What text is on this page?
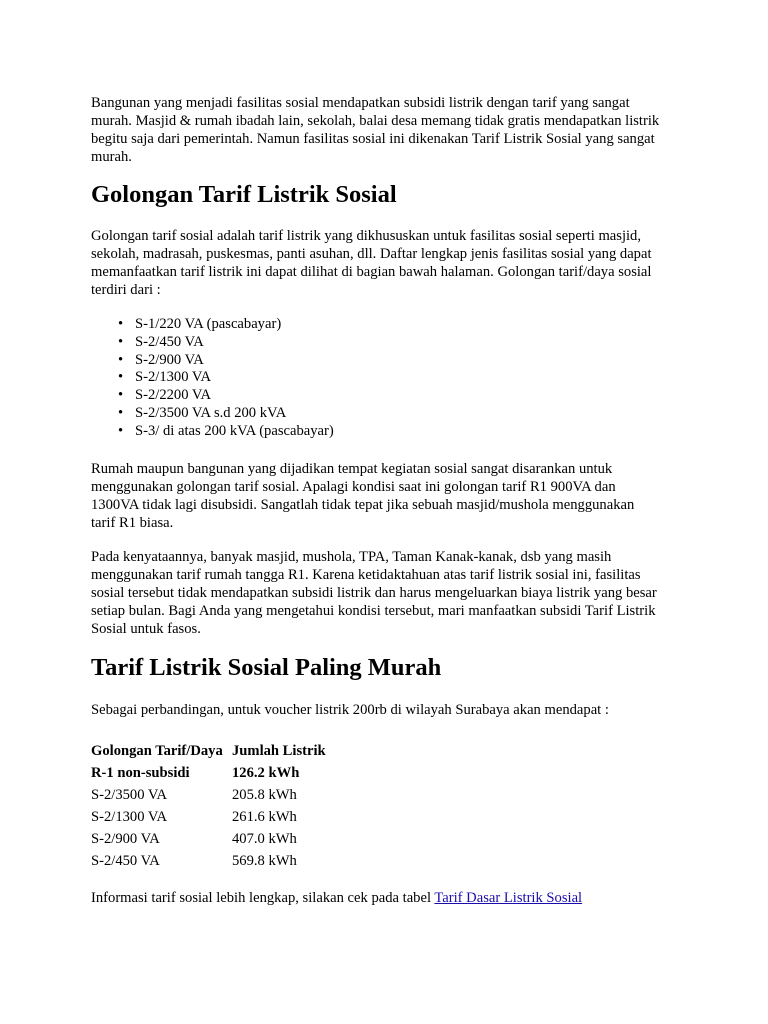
Bangunan yang menjadi fasilitas sosial mendapatkan subsidi listrik dengan tarif yang sangat
murah. Masjid & rumah ibadah lain, sekolah, balai desa memang tidak gratis mendapatkan listrik
begitu saja dari pemerintah. Namun fasilitas sosial ini dikenakan Tarif Listrik Sosial yang sangat
murah.

Golongan Tarif Listrik Sosial

Golongan tarif sosial adalah tarif listrik yang dikhususkan untuk fasilitas sosial seperti masjid,
sekolah, madrasah, puskesmas, panti asuhan, dll. Daftar lengkap jenis fasilitas sosial yang dapat
memanfaatkan tarif listrik ini dapat dilihat di bagian bawah halaman. Golongan tarif/daya sosial
terdiri dari :

• S-1/220 VA (pascabayar)
• S-2/450 VA
• S-2/900 VA
• S-2/1300 VA
• S-2/2200 VA
• S-2/3500 VA s.d 200 kVA
• S-3/ di atas 200 kVA (pascabayar)

Rumah maupun bangunan yang dijadikan tempat kegiatan sosial sangat disarankan untuk
menggunakan golongan tarif sosial. Apalagi kondisi saat ini golongan tarif R1 900VA dan
1300VA tidak lagi disubsidi. Sangatlah tidak tepat jika sebuah masjid/mushola menggunakan
tarif R1 biasa.

Pada kenyataannya, banyak masjid, mushola, TPA, Taman Kanak-kanak, dsb yang masih
menggunakan tarif rumah tangga R1. Karena ketidaktahuan atas tarif listrik sosial ini, fasilitas
sosial tersebut tidak mendapatkan subsidi listrik dan harus mengeluarkan biaya listrik yang besar
setiap bulan. Bagi Anda yang mengetahui kondisi tersebut, mari manfaatkan subsidi Tarif Listrik
Sosial untuk fasos.

Tarif Listrik Sosial Paling Murah

Sebagai perbandingan, untuk voucher listrik 200rb di wilayah Surabaya akan mendapat :

Golongan Tarif/Daya	Jumlah Listrik
R-1 non-subsidi	126.2 kWh
S-2/3500 VA	205.8 kWh
S-2/1300 VA	261.6 kWh
S-2/900 VA	407.0 kWh
S-2/450 VA	569.8 kWh

Informasi tarif sosial lebih lengkap, silakan cek pada tabel Tarif Dasar Listrik Sosial
